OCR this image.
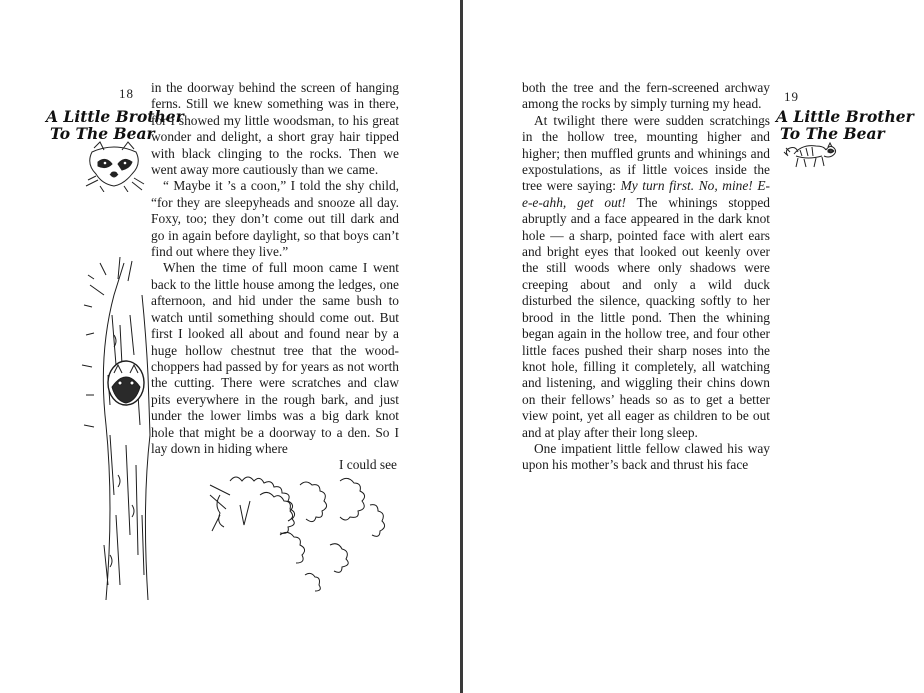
18
A Little Brother
To The Bear

in the doorway behind the screen of hanging ferns. Still we knew something was in there, for I showed my little woodsman, to his great wonder and delight, a short gray hair tipped with black clinging to the rocks. Then we went away more cautiously than we came.

“ Maybe it ’s a coon,” I told the shy child, “for they are sleepyheads and snooze all day. Foxy, too; they don’t come out till dark and go in again before daylight, so that boys can’t find out where they live.”

When the time of full moon came I went back to the little house among the ledges, one afternoon, and hid under the same bush to watch until something should come out. But first I looked all about and found near by a huge hollow chestnut tree that the wood-choppers had passed by for years as not worth the cutting. There were scratches and claw pits everywhere in the rough bark, and just under the lower limbs was a big dark knot hole that might be a doorway to a den. So I lay down in hiding where

I could see

both the tree and the fern-screened archway among the rocks by simply turning my head.

At twilight there were sudden scratchings in the hollow tree, mounting higher and higher; then muffled grunts and whinings and expostulations, as if little voices inside the tree were saying: My turn first. No, mine! E-e-e-ahh, get out! The whinings stopped abruptly and a face appeared in the dark knot hole — a sharp, pointed face with alert ears and bright eyes that looked out keenly over the still woods where only shadows were creeping about and only a wild duck disturbed the silence, quacking softly to her brood in the little pond. Then the whining began again in the hollow tree, and four other little faces pushed their sharp noses into the knot hole, filling it completely, all watching and listening, and wiggling their chins down on their fellows’ heads so as to get a better view point, yet all eager as children to be out and at play after their long sleep.

One impatient little fellow clawed his way upon his mother’s back and thrust his face

19
A Little Brother
To The Bear
